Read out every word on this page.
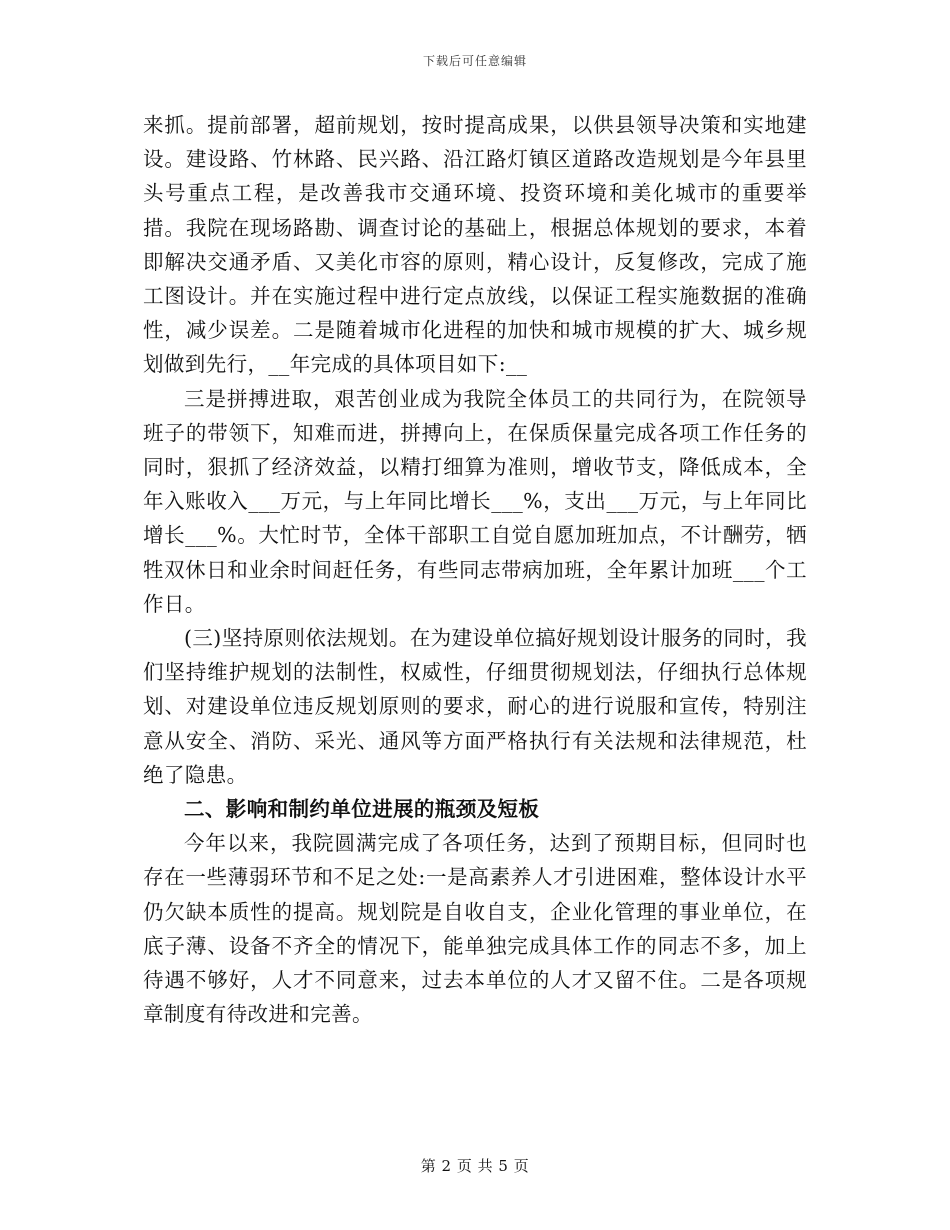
下载后可任意编辑

来抓。提前部署，超前规划，按时提高成果，以供县领导决策和实地建设。建设路、竹林路、民兴路、沿江路灯镇区道路改造规划是今年县里头号重点工程，是改善我市交通环境、投资环境和美化城市的重要举措。我院在现场路勘、调查讨论的基础上，根据总体规划的要求，本着即解决交通矛盾、又美化市容的原则，精心设计，反复修改，完成了施工图设计。并在实施过程中进行定点放线，以保证工程实施数据的准确性，减少误差。二是随着城市化进程的加快和城市规模的扩大、城乡规划做到先行，__年完成的具体项目如下:__

三是拼搏进取，艰苦创业成为我院全体员工的共同行为，在院领导班子的带领下，知难而进，拼搏向上，在保质保量完成各项工作任务的同时，狠抓了经济效益，以精打细算为准则，增收节支，降低成本，全年入账收入___万元，与上年同比增长___%，支出___万元，与上年同比增长___%。大忙时节，全体干部职工自觉自愿加班加点，不计酬劳，牺牲双休日和业余时间赶任务，有些同志带病加班，全年累计加班___个工作日。

(三)坚持原则依法规划。在为建设单位搞好规划设计服务的同时，我们坚持维护规划的法制性，权威性，仔细贯彻规划法，仔细执行总体规划、对建设单位违反规划原则的要求，耐心的进行说服和宣传，特别注意从安全、消防、采光、通风等方面严格执行有关法规和法律规范，杜绝了隐患。

二、影响和制约单位进展的瓶颈及短板

今年以来，我院圆满完成了各项任务，达到了预期目标，但同时也存在一些薄弱环节和不足之处:一是高素养人才引进困难，整体设计水平仍欠缺本质性的提高。规划院是自收自支，企业化管理的事业单位，在底子薄、设备不齐全的情况下，能单独完成具体工作的同志不多，加上待遇不够好，人才不同意来，过去本单位的人才又留不住。二是各项规章制度有待改进和完善。

第 2 页 共 5 页
